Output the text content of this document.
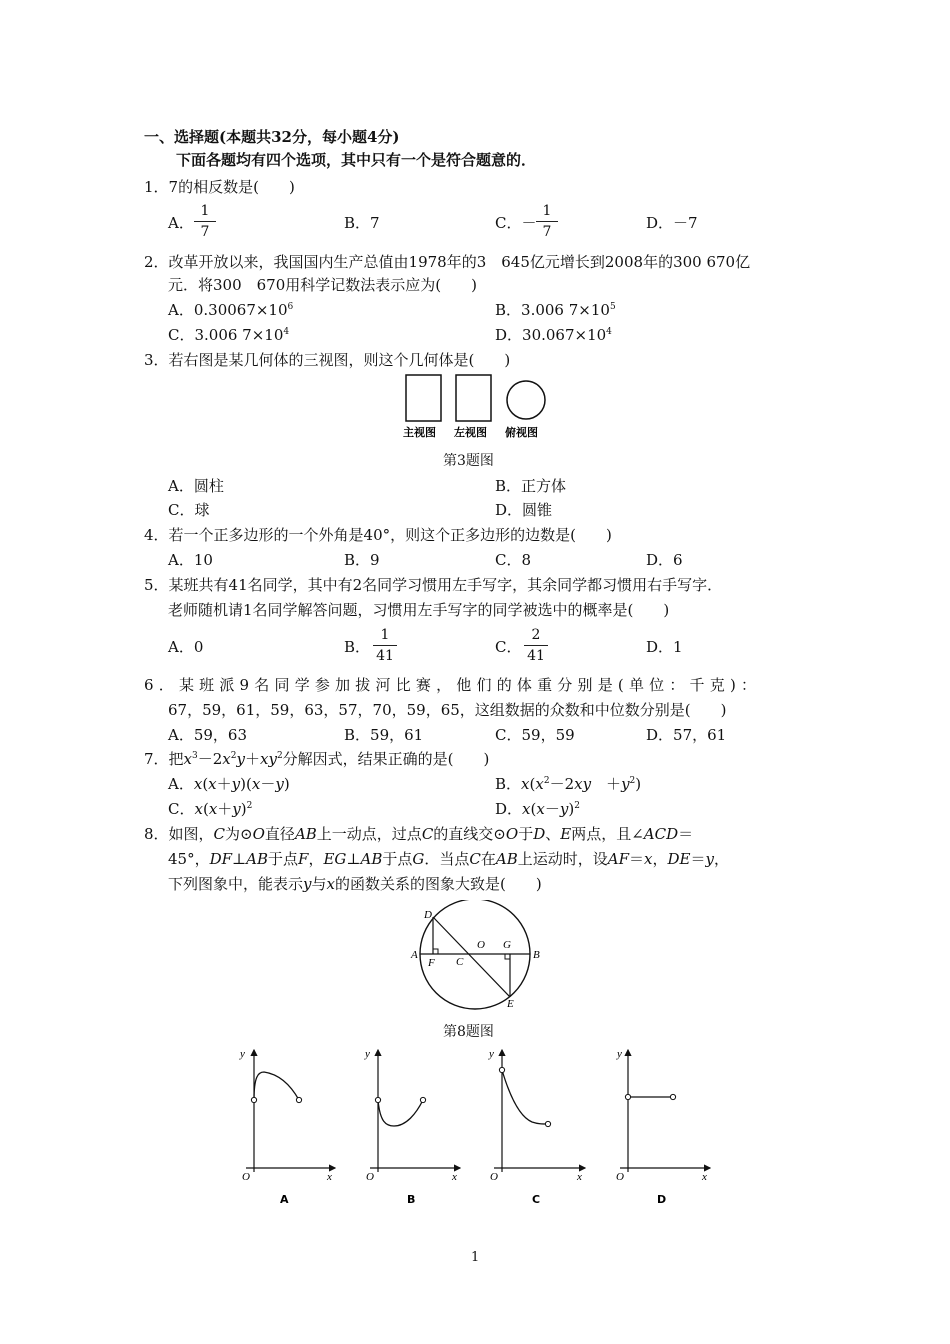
一、选择题(本题共32分，每小题4分)
下面各题均有四个选项，其中只有一个是符合题意的．
1．7的相反数是(　　)
A．
1
7	B．7	C．－
1
7	D．－7
2．改革开放以来，我国国内生产总值由1978年的3　645亿元增长到2008年的300 670亿
元．将300　670用科学记数法表示应为(　　)
A．$0.30067\times 10^6$	B．3.006 $7\times 10^5$
C．3.006 $7\times 10^4$	D．$30.067\times 10^4$
3．若右图是某几何体的三视图，则这个几何体是(　　)
主视图 左视图 俯视图
第3题图
A．圆柱	B．正方体
C．球	D．圆锥
4．若一个正多边形的一个外角是40°，则这个正多边形的边数是(　　)
A．10	B．9	C．8	D．6
5．某班共有41名同学，其中有2名同学习惯用左手写字，其余同学都习惯用右手写字．
老师随机请1名同学解答问题，习惯用左手写字的同学被选中的概率是(　　)
A．0	B．
1
41	C．
2
41	D．1
6．某班派9名同学参加拔河比赛，他们的体重分别是(单位：千克)：
67，59，61，59，63，57，70，59，65，这组数据的众数和中位数分别是(　　)
A．59，63	B．59，61	C．59，59	D．57，61
7．把$x^3-2x^2y+xy^2$分解因式，结果正确的是(　　)
A．x(x＋y)(x－y)	B．$x(x^2-2xy$　$+y^2$)
C．$x(x+y)^2$	D．$x(x-y)^2$
8．如图，C为⊙O直径AB上一动点，过点C的直线交⊙O于D、E两点，且∠ACD＝
45°，DF⊥AB于点F，EG⊥AB于点G．当点C在AB上运动时，设AF＝x，DE＝y，
下列图象中，能表示y与x的函数关系的图象大致是(　　)
A	B
C
D
E
F
G
O
第8题图
y
x
O
A
y
x
O
B
y
x
O
C
y
x
O
D
1
